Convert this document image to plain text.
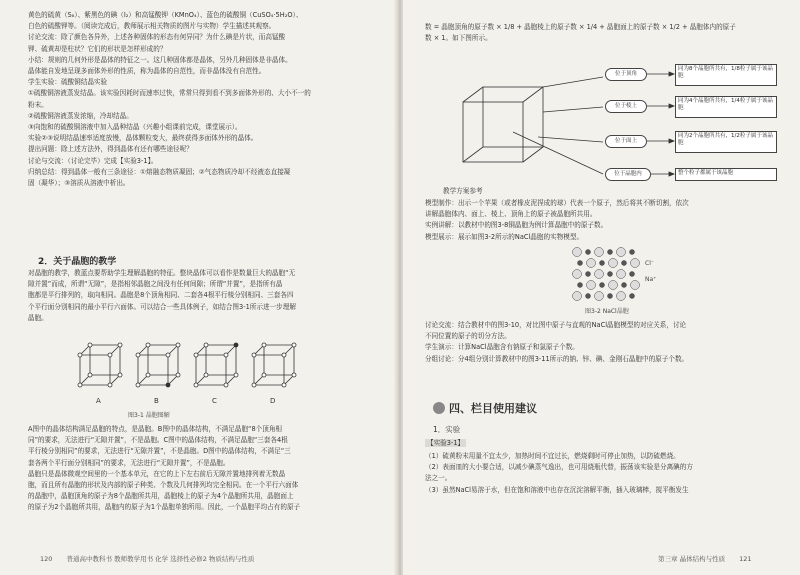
黄色的硫黄（S₈）、紫黑色的碘（I₂）和高锰酸钾（KMnO₄）、蓝色的硫酸铜（CuSO₄·5H₂O）、
白色的硫酸钾等。（阅读完成后，教师展示相关物质的图片与实物）学生描述其观察。
讨论交流：除了颜色各异外，上述各种固体的形态有何异同？为什么碘是片状，而高锰酸
钾、硫黄却是柱状？它们的形状是怎样形成的？
小结：规则的几何外形是晶体的特征之一。这几种固体都是晶体，另外几种固体是非晶体。
晶体能自发地呈现多面体外形的性质，称为晶体的自范性，而非晶体没有自范性。
学生实验：硫酸铜结晶实验
①硫酸铜溶液蒸发结晶。该实验因耗时而速率过快，常常只得到看不到多面体外形的、大小不一的
粉末。
②硫酸铜溶液蒸发浓缩，冷却结晶。
③向饱和的硫酸铜溶液中加入晶种结晶（兴趣小组课前完成，课堂展示）。
实验②③说明结晶速率适度放慢，晶体颗粒变大，最终获得多面体外形的晶体。
提出问题：除上述方法外，得到晶体有还有哪些途径呢？
讨论与交流：（讨论完毕）完成【实验3-1】。
归纳总结：得到晶体一般有三条途径：①熔融态物质凝固；②气态物质冷却不经液态直接凝
固（凝华）；③溶质从溶液中析出。
2．关于晶胞的教学
对晶胞的教学，教蓝点要帮助学生理解晶胞的特征。整块晶体可以看作是数量巨大的晶胞“无
隙并置”而成，所谓“无隙”，是指相邻晶胞之间没有任何间隙；所谓“并置”，是指所有晶
胞都是平行排列的，取向相同。晶胞是8个顶角相同、二套各4根平行棱分别相同、三套各四
个平行面分别相同的最小平行六面体。可以结合一些具体例子，如结合图3-1所示进一步理解
晶胞。
A	B	C	D
图3-1 晶胞图解
A图中的晶体结构满足晶胞的特点，是晶胞。B图中的晶体结构，不满足晶胞“8个顶角相
同”的要求，无法进行“无隙并置”，不是晶胞。C图中的晶体结构，不满足晶胞“三套各4根
平行棱分别相同”的要求，无法进行“无隙并置”，不是晶胞。D图中的晶体结构，不满足“三
套各两个平行面分别相同”的要求，无法进行“无隙并置”，不是晶胞。
晶胞只是晶体微观空间里的一个基本单元，在它的上下左右前后无隙并置地排列着无数晶
胞，而且所有晶胞的形状及内部的原子种类、个数及几何排列均完全相同。在一个平行六面体
的晶胞中，晶胞顶角的原子为8个晶胞所共用，晶胞棱上的原子为4个晶胞所共用，晶胞面上
的原子为2个晶胞所共用，晶胞内的原子为1个晶胞单独所用。因此，一个晶胞平均占有的原子
120 普通高中教科书 教师教学用书 化学 选择性必修2 物质结构与性质
数 = 晶胞顶角的原子数 × 1/8 + 晶胞棱上的原子数 × 1/4 + 晶胞面上的原子数 × 1/2 + 晶胞体内的原子
数 × 1。如下图所示。
位于顶角
位于棱上
位于面上
位于晶胞内
同为8个晶胞所共有，1/8粒子属于该晶胞
同为4个晶胞所共有，1/4粒子属于该晶胞
同为2个晶胞所共有，1/2粒子属于该晶胞
整个粒子都属于该晶胞
教学方案参考
模型制作：出示一个苹果（或者橡皮泥捏成的球）代表一个原子，然后将其不断切割，依次
讲解晶胞体内、面上、棱上、顶角上的原子被晶胞所共用。
实例讲解：以教材中的图3-8铜晶胞为例计算晶胞中的原子数。
模型展示：展示如图3-2所示的NaCl晶胞的实物模型。
Cl⁻
Na⁺
图3-2 NaCl晶胞
讨论交流：结合教材中的图3-10，对比图中原子与直观的NaCl晶胞模型的对应关系，讨论
不同位置的原子的切分方法。
学生演示：计算NaCl晶胞含有钠原子和氯原子个数。
分组讨论：分4组分别计算教材中的图3-11所示的钠、锌、碘、金刚石晶胞中的原子个数。
四、栏目使用建议
1．实验
【实验3-1】
（1）硫黄粉末用量不宜太少，加热时间不宜过长，燃烧剩时可停止加热，以防硫燃烧。
（2）表面皿的大小要合适，以减少碘蒸气逸出，也可用烧瓶代替，振荡该实验是分离碘的方
法之一。
（3）虽然NaCl易溶于水，但在饱和溶液中也存在沉淀溶解平衡，插入玻璃棒，搅平衡发生
第三章 晶体结构与性质 121
